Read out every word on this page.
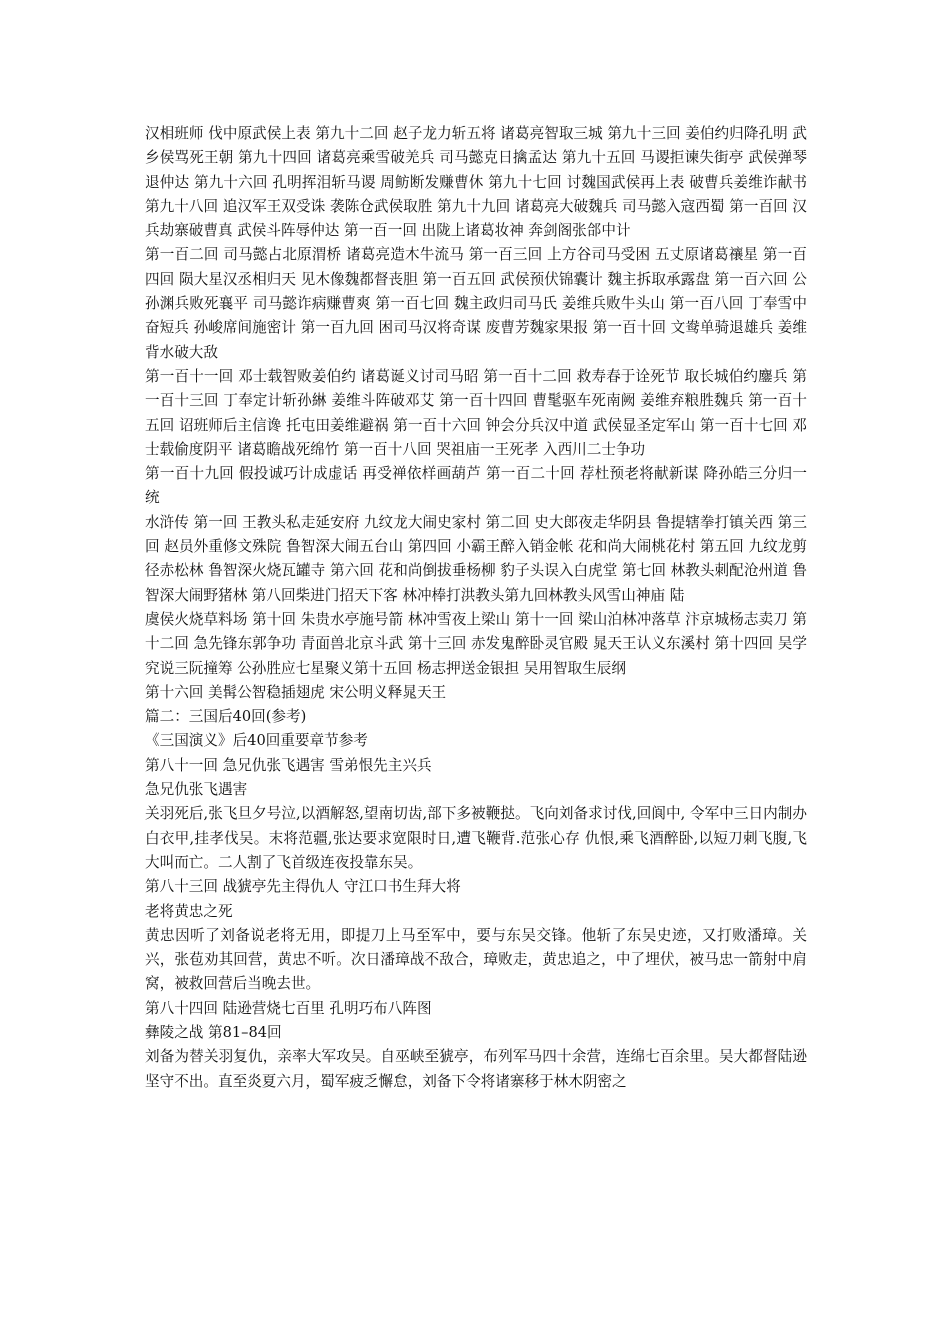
汉相班师 伐中原武侯上表 第九十二回 赵子龙力斩五将 诸葛亮智取三城 第九十三回 姜伯约归降孔明 武乡侯骂死王朝 第九十四回 诸葛亮乘雪破羌兵 司马懿克日擒孟达 第九十五回 马谡拒谏失街亭 武侯弹琴退仲达 第九十六回 孔明挥泪斩马谡 周鲂断发赚曹休 第九十七回 讨魏国武侯再上表 破曹兵姜维诈献书 第九十八回 追汉军王双受诛 袭陈仓武侯取胜 第九十九回 诸葛亮大破魏兵 司马懿入寇西蜀 第一百回 汉兵劫寨破曹真 武侯斗阵辱仲达 第一百一回 出陇上诸葛妆神 奔剑阁张郃中计

第一百二回 司马懿占北原渭桥 诸葛亮造木牛流马 第一百三回 上方谷司马受困 五丈原诸葛禳星 第一百四回 陨大星汉丞相归天 见木像魏都督丧胆 第一百五回 武侯预伏锦囊计 魏主拆取承露盘 第一百六回 公孙渊兵败死襄平 司马懿诈病赚曹爽 第一百七回 魏主政归司马氏 姜维兵败牛头山 第一百八回 丁奉雪中奋短兵 孙峻席间施密计 第一百九回 困司马汉将奇谋 废曹芳魏家果报 第一百十回 文鸯单骑退雄兵 姜维背水破大敌

第一百十一回 邓士载智败姜伯约 诸葛诞义讨司马昭 第一百十二回 救寿春于诠死节 取长城伯约鏖兵 第一百十三回 丁奉定计斩孙綝 姜维斗阵破邓艾 第一百十四回 曹髦驱车死南阙 姜维弃粮胜魏兵 第一百十五回 诏班师后主信谗 托屯田姜维避祸 第一百十六回 钟会分兵汉中道 武侯显圣定军山 第一百十七回 邓士载偷度阴平 诸葛瞻战死绵竹 第一百十八回 哭祖庙一王死孝 入西川二士争功

第一百十九回 假投诚巧计成虚话 再受禅依样画葫芦 第一百二十回 荐杜预老将献新谋 降孙皓三分归一统

水浒传 第一回 王教头私走延安府 九纹龙大闹史家村 第二回 史大郎夜走华阴县 鲁提辖拳打镇关西 第三回 赵员外重修文殊院 鲁智深大闹五台山 第四回 小霸王醉入销金帐 花和尚大闹桃花村 第五回 九纹龙剪径赤松林 鲁智深火烧瓦罐寺 第六回 花和尚倒拔垂杨柳 豹子头误入白虎堂 第七回 林教头刺配沧州道 鲁智深大闹野猪林 第八回柴进门招天下客 林冲棒打洪教头第九回林教头风雪山神庙 陆

虞侯火烧草料场 第十回 朱贵水亭施号箭 林冲雪夜上梁山 第十一回 梁山泊林冲落草 汴京城杨志卖刀 第十二回 急先锋东郭争功 青面兽北京斗武 第十三回 赤发鬼醉卧灵官殿 晁天王认义东溪村 第十四回 吴学究说三阮撞筹 公孙胜应七星聚义第十五回 杨志押送金银担 吴用智取生辰纲

第十六回 美髯公智稳插翅虎 宋公明义释晁天王

篇二：三国后40回(参考)

《三国演义》后40回重要章节参考

第八十一回 急兄仇张飞遇害 雪弟恨先主兴兵

急兄仇张飞遇害

关羽死后,张飞旦夕号泣,以酒解怒,望南切齿,部下多被鞭挞。飞向刘备求讨伐,回阆中, 令军中三日内制办白衣甲,挂孝伐吴。末将范疆,张达要求宽限时日,遭飞鞭背.范张心存 仇恨,乘飞酒醉卧,以短刀刺飞腹,飞大叫而亡。二人割了飞首级连夜投靠东吴。

第八十三回 战猇亭先主得仇人 守江口书生拜大将

老将黄忠之死

黄忠因听了刘备说老将无用，即提刀上马至军中，要与东吴交锋。他斩了东吴史迹，又打败潘璋。关兴，张苞劝其回营，黄忠不听。次日潘璋战不敌合，璋败走，黄忠追之，中了埋伏，被马忠一箭射中肩窝，被救回营后当晚去世。

第八十四回 陆逊营烧七百里 孔明巧布八阵图

彝陵之战 第81–84回

刘备为替关羽复仇，亲率大军攻吴。自巫峡至猇亭，布列军马四十余营，连绵七百余里。吴大都督陆逊坚守不出。直至炎夏六月，蜀军疲乏懈怠，刘备下令将诸寨移于林木阴密之
